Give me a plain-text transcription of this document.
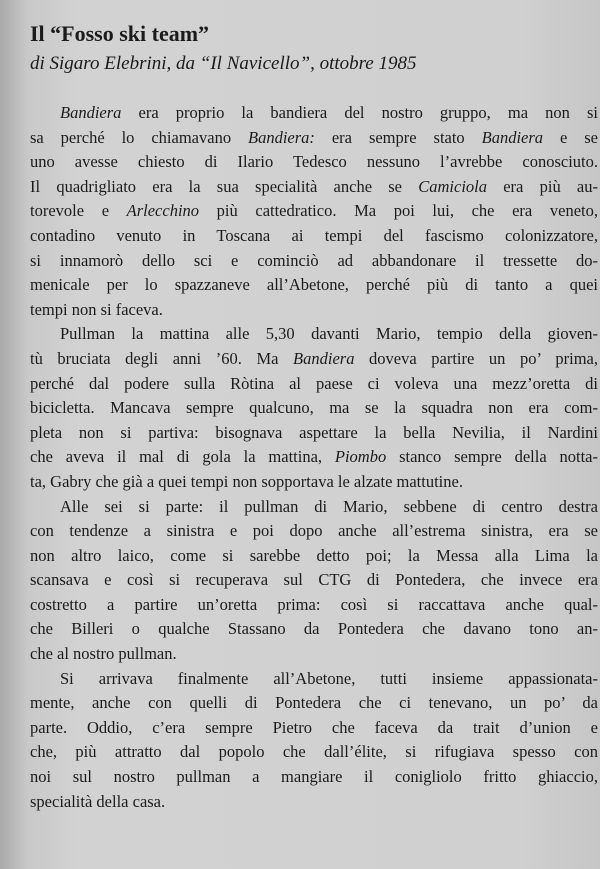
Il “Fosso ski team”
di Sigaro Elebrini, da “Il Navicello”, ottobre 1985
Bandiera era proprio la bandiera del nostro gruppo, ma non si
sa perché lo chiamavano Bandiera: era sempre stato Bandiera e se
uno avesse chiesto di Ilario Tedesco nessuno l’avrebbe conosciuto.
Il quadrigliato era la sua specialità anche se Camiciola era più au-
torevole e Arlecchino più cattedratico. Ma poi lui, che era veneto,
contadino venuto in Toscana ai tempi del fascismo colonizzatore,
si innamorò dello sci e cominciò ad abbandonare il tressette do-
menicale per lo spazzaneve all’Abetone, perché più di tanto a quei
tempi non si faceva.
Pullman la mattina alle 5,30 davanti Mario, tempio della gioven-
tù bruciata degli anni ’60. Ma Bandiera doveva partire un po’ prima,
perché dal podere sulla Ròtina al paese ci voleva una mezz’oretta di
bicicletta. Mancava sempre qualcuno, ma se la squadra non era com-
pleta non si partiva: bisognava aspettare la bella Nevilia, il Nardini
che aveva il mal di gola la mattina, Piombo stanco sempre della notta-
ta, Gabry che già a quei tempi non sopportava le alzate mattutine.
Alle sei si parte: il pullman di Mario, sebbene di centro destra
con tendenze a sinistra e poi dopo anche all’estrema sinistra, era se
non altro laico, come si sarebbe detto poi; la Messa alla Lima la
scansava e così si recuperava sul CTG di Pontedera, che invece era
costretto a partire un’oretta prima: così si raccattava anche qual-
che Billeri o qualche Stassano da Pontedera che davano tono an-
che al nostro pullman.
Si arrivava finalmente all’Abetone, tutti insieme appassionata-
mente, anche con quelli di Pontedera che ci tenevano, un po’ da
parte. Oddio, c’era sempre Pietro che faceva da trait d’union e
che, più attratto dal popolo che dall’élite, si rifugiava spesso con
noi sul nostro pullman a mangiare il conigliolo fritto ghiaccio,
specialità della casa.
